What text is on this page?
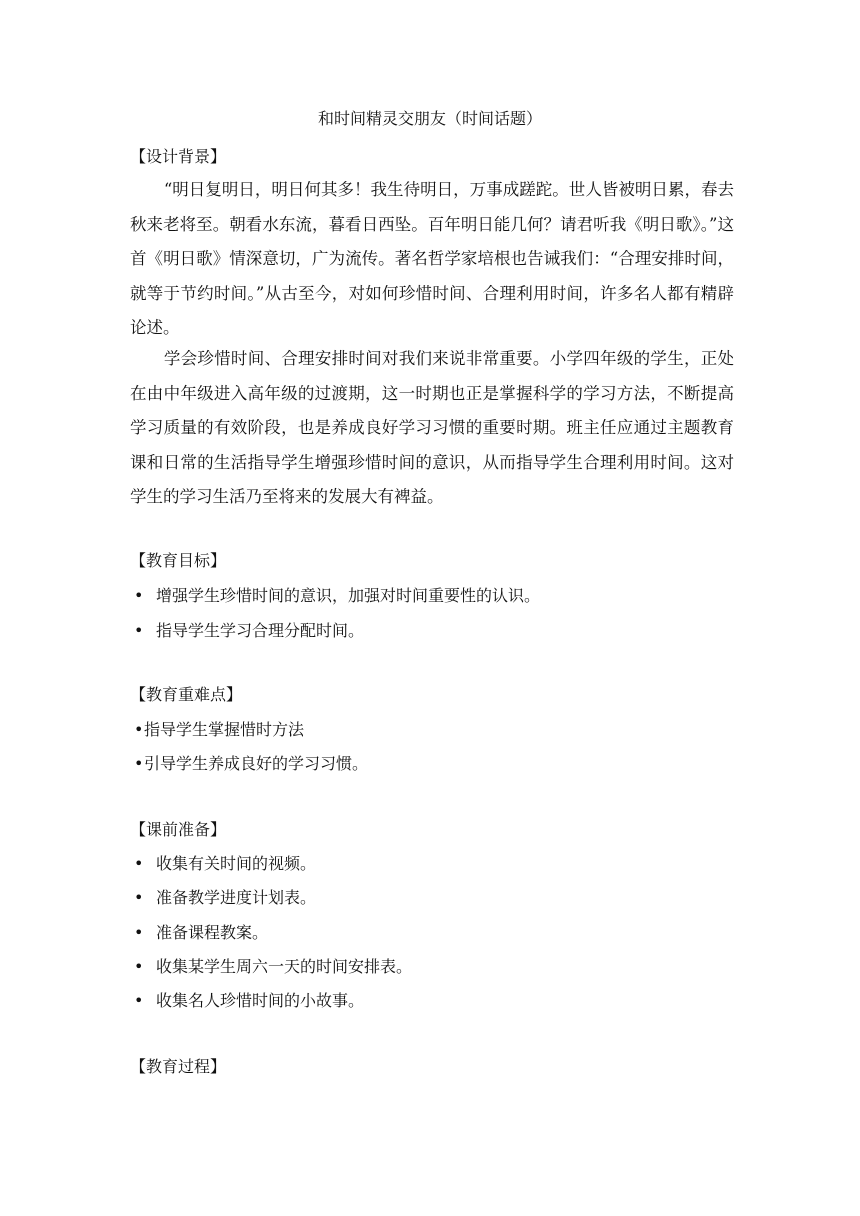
和时间精灵交朋友（时间话题）
【设计背景】

“明日复明日，明日何其多！我生待明日，万事成蹉跎。世人皆被明日累，春去秋来老将至。朝看水东流，暮看日西坠。百年明日能几何？请君听我《明日歌》。”这首《明日歌》情深意切，广为流传。著名哲学家培根也告诫我们：“合理安排时间，就等于节约时间。”从古至今，对如何珍惜时间、合理利用时间，许多名人都有精辟论述。

学会珍惜时间、合理安排时间对我们来说非常重要。小学四年级的学生，正处在由中年级进入高年级的过渡期，这一时期也正是掌握科学的学习方法，不断提高学习质量的有效阶段，也是养成良好学习习惯的重要时期。班主任应通过主题教育课和日常的生活指导学生增强珍惜时间的意识，从而指导学生合理利用时间。这对学生的学习生活乃至将来的发展大有裨益。

【教育目标】
• 增强学生珍惜时间的意识，加强对时间重要性的认识。
• 指导学生学习合理分配时间。
【教育重难点】
•指导学生掌握惜时方法
•引导学生养成良好的学习习惯。
【课前准备】
• 收集有关时间的视频。
• 准备教学进度计划表。
• 准备课程教案。
• 收集某学生周六一天的时间安排表。
• 收集名人珍惜时间的小故事。
【教育过程】
